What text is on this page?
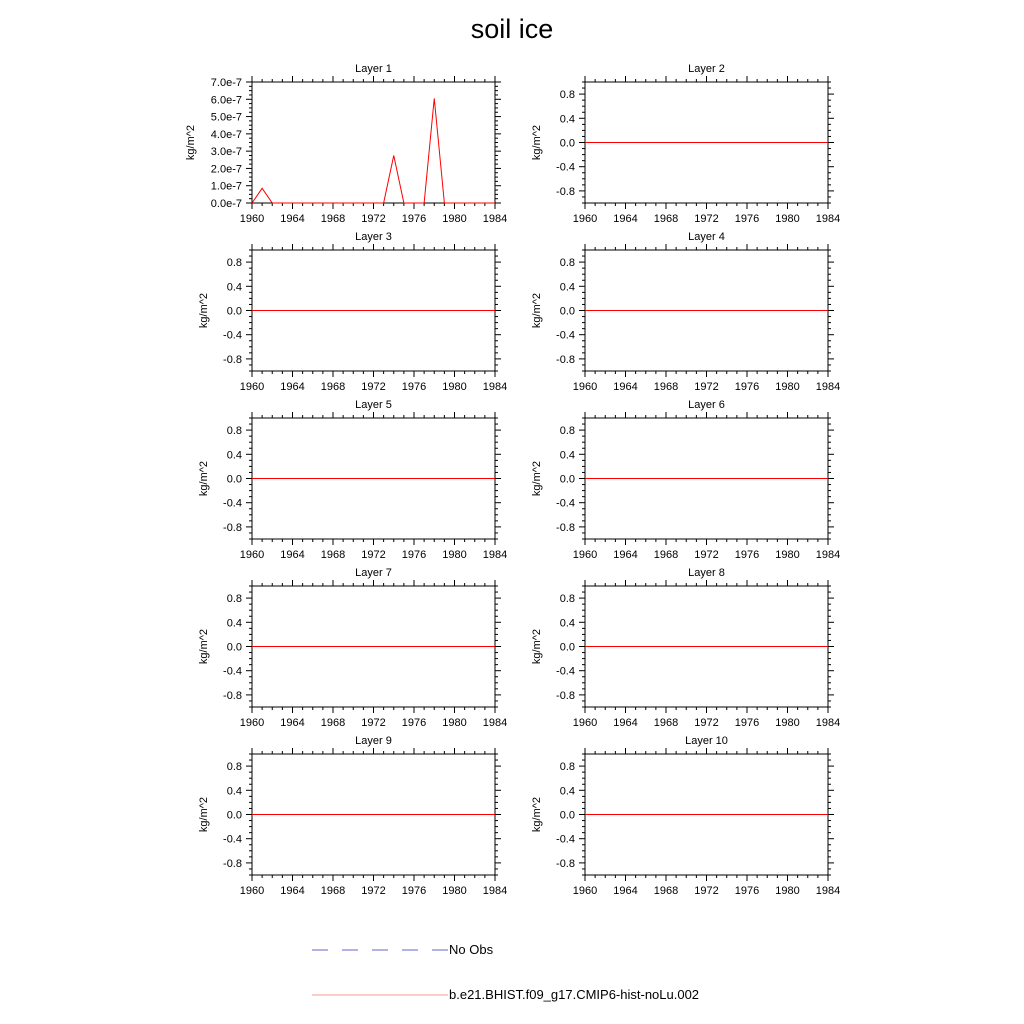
soil ice
Layer 1
1960 1964 1968 1972 1976 1980 1984
0.0e-7
1.0e-7
2.0e-7
3.0e-7
4.0e-7
5.0e-7
6.0e-7
7.0e-7
kg/m^2
Layer 2
1960 1964 1968 1972 1976 1980 1984
-0.8
-0.4
0.0
0.4
0.8
kg/m^2
Layer 3
1960 1964 1968 1972 1976 1980 1984
-0.8
-0.4
0.0
0.4
0.8
kg/m^2
Layer 4
1960 1964 1968 1972 1976 1980 1984
-0.8
-0.4
0.0
0.4
0.8
kg/m^2
Layer 5
1960 1964 1968 1972 1976 1980 1984
-0.8
-0.4
0.0
0.4
0.8
kg/m^2
Layer 6
1960 1964 1968 1972 1976 1980 1984
-0.8
-0.4
0.0
0.4
0.8
kg/m^2
Layer 7
1960 1964 1968 1972 1976 1980 1984
-0.8
-0.4
0.0
0.4
0.8
kg/m^2
Layer 8
1960 1964 1968 1972 1976 1980 1984
-0.8
-0.4
0.0
0.4
0.8
kg/m^2
Layer 9
1960 1964 1968 1972 1976 1980 1984
-0.8
-0.4
0.0
0.4
0.8
kg/m^2
Layer 10
1960 1964 1968 1972 1976 1980 1984
-0.8
-0.4
0.0
0.4
0.8
kg/m^2
No Obs
b.e21.BHIST.f09_g17.CMIP6-hist-noLu.002
